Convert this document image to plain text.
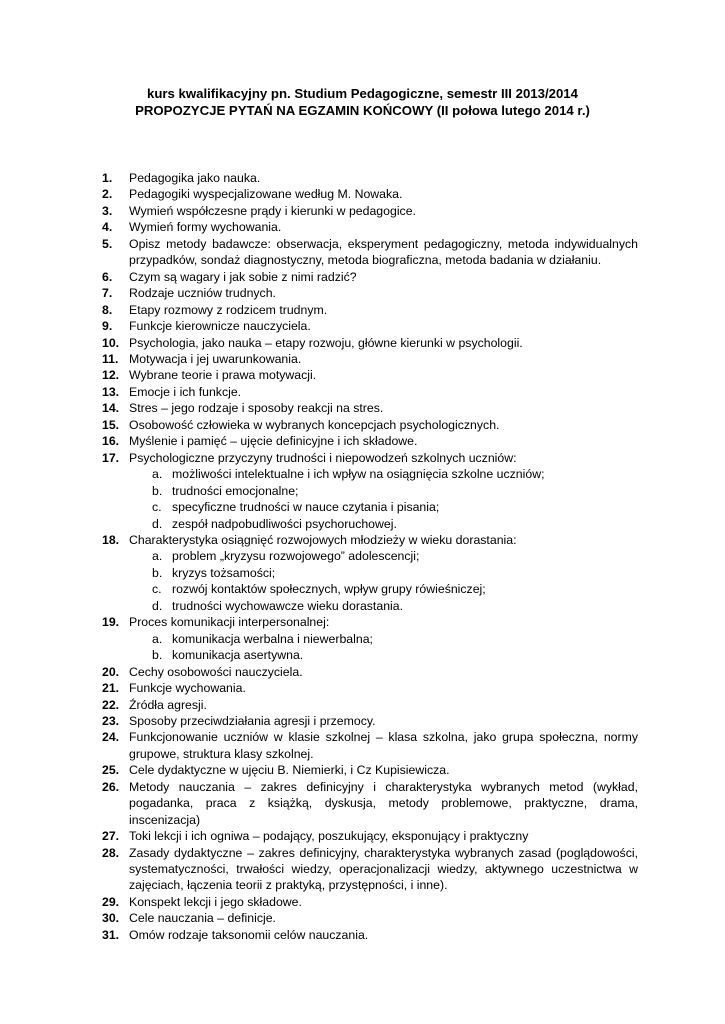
kurs kwalifikacyjny pn. Studium Pedagogiczne, semestr III 2013/2014
PROPOZYCJE PYTAŃ NA EGZAMIN KOŃCOWY (II połowa lutego 2014 r.)
1. Pedagogika jako nauka.
2. Pedagogiki wyspecjalizowane według M. Nowaka.
3. Wymień współczesne prądy i kierunki w pedagogice.
4. Wymień formy wychowania.
5. Opisz metody badawcze: obserwacja, eksperyment pedagogiczny, metoda indywidualnych przypadków, sondaż diagnostyczny, metoda biograficzna, metoda badania w działaniu.
6. Czym są wagary i jak sobie z nimi radzić?
7. Rodzaje uczniów trudnych.
8. Etapy rozmowy z rodzicem trudnym.
9. Funkcje kierownicze nauczyciela.
10. Psychologia, jako nauka – etapy rozwoju, główne kierunki w psychologii.
11. Motywacja i jej uwarunkowania.
12. Wybrane teorie i prawa motywacji.
13. Emocje i ich funkcje.
14. Stres – jego rodzaje i sposoby reakcji na stres.
15. Osobowość człowieka w wybranych koncepcjach psychologicznych.
16. Myślenie i pamięć – ujęcie definicyjne i ich składowe.
17. Psychologiczne przyczyny trudności i niepowodzeń szkolnych uczniów:
a. możliwości intelektualne i ich wpływ na osiągnięcia szkolne uczniów;
b. trudności emocjonalne;
c. specyficzne trudności w nauce czytania i pisania;
d. zespół nadpobudliwości psychoruchowej.
18. Charakterystyka osiągnięć rozwojowych młodzieży w wieku dorastania:
a. problem „kryzysu rozwojowego” adolescencji;
b. kryzys tożsamości;
c. rozwój kontaktów społecznych, wpływ grupy rówieśniczej;
d. trudności wychowawcze wieku dorastania.
19. Proces komunikacji interpersonalnej:
a. komunikacja werbalna i niewerbalna;
b. komunikacja asertywna.
20. Cechy osobowości nauczyciela.
21. Funkcje wychowania.
22. Źródła agresji.
23. Sposoby przeciwdziałania agresji i przemocy.
24. Funkcjonowanie uczniów w klasie szkolnej – klasa szkolna, jako grupa społeczna, normy grupowe, struktura klasy szkolnej.
25. Cele dydaktyczne w ujęciu B. Niemierki, i Cz Kupisiewicza.
26. Metody nauczania – zakres definicyjny i charakterystyka wybranych metod (wykład, pogadanka, praca z książką, dyskusja, metody problemowe, praktyczne, drama, inscenizacja)
27. Toki lekcji i ich ogniwa – podający, poszukujący, eksponujący i praktyczny
28. Zasady dydaktyczne – zakres definicyjny, charakterystyka wybranych zasad (poglądowości, systematyczności, trwałości wiedzy, operacjonalizacji wiedzy, aktywnego uczestnictwa w zajęciach, łączenia teorii z praktyką, przystępności, i inne).
29. Konspekt lekcji i jego składowe.
30. Cele nauczania – definicje.
31. Omów rodzaje taksonomii celów nauczania.
